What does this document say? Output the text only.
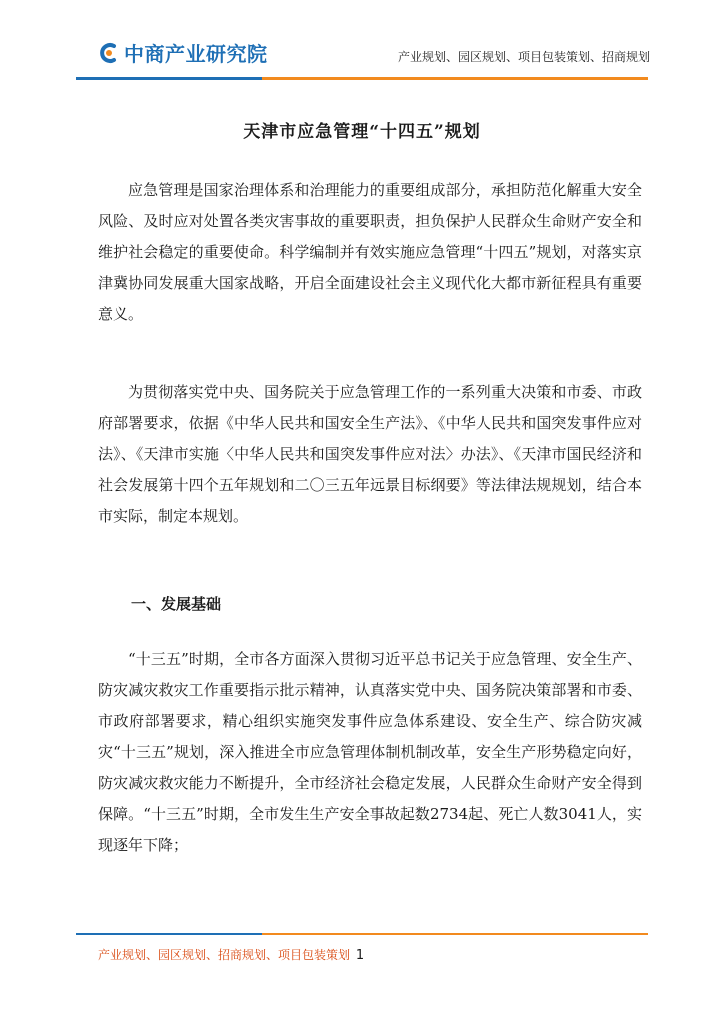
中商产业研究院	产业规划、园区规划、项目包装策划、招商规划
天津市应急管理“十四五”规划

应急管理是国家治理体系和治理能力的重要组成部分，承担防范化解重大安全风险、及时应对处置各类灾害事故的重要职责，担负保护人民群众生命财产安全和维护社会稳定的重要使命。科学编制并有效实施应急管理“十四五”规划，对落实京津冀协同发展重大国家战略，开启全面建设社会主义现代化大都市新征程具有重要意义。

为贯彻落实党中央、国务院关于应急管理工作的一系列重大决策和市委、市政府部署要求，依据《中华人民共和国安全生产法》、《中华人民共和国突发事件应对法》、《天津市实施〈中华人民共和国突发事件应对法〉办法》、《天津市国民经济和社会发展第十四个五年规划和二〇三五年远景目标纲要》等法律法规规划，结合本市实际，制定本规划。

一、发展基础

“十三五”时期，全市各方面深入贯彻习近平总书记关于应急管理、安全生产、防灾减灾救灾工作重要指示批示精神，认真落实党中央、国务院决策部署和市委、市政府部署要求，精心组织实施突发事件应急体系建设、安全生产、综合防灾减灾“十三五”规划，深入推进全市应急管理体制机制改革，安全生产形势稳定向好，防灾减灾救灾能力不断提升，全市经济社会稳定发展，人民群众生命财产安全得到保障。“十三五”时期，全市发生生产安全事故起数2734起、死亡人数3041人，实现逐年下降；

产业规划、园区规划、招商规划、项目包装策划 1
